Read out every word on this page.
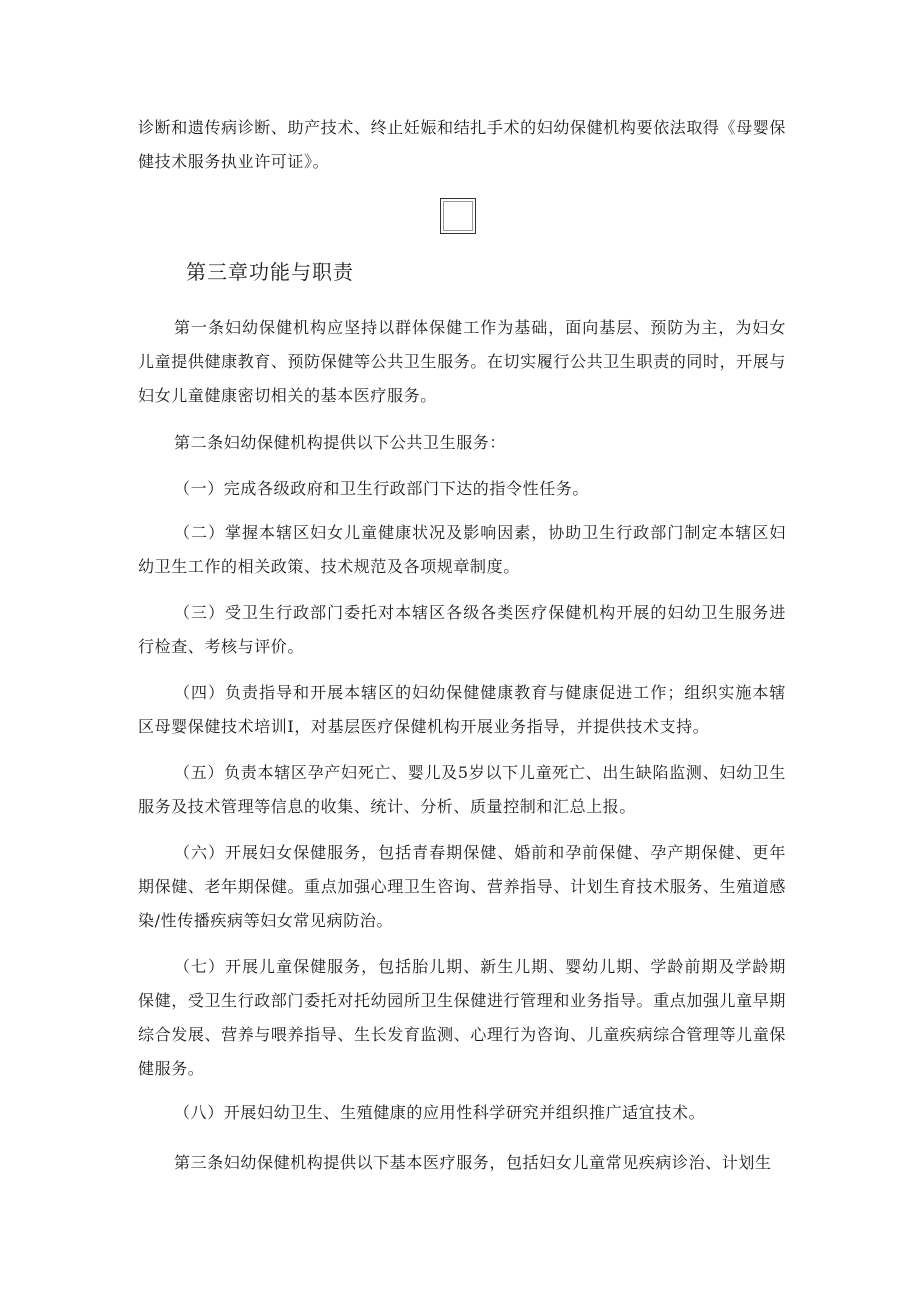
诊断和遗传病诊断、助产技术、终止妊娠和结扎手术的妇幼保健机构要依法取得《母婴保健技术服务执业许可证》。

第三章功能与职责

第一条妇幼保健机构应坚持以群体保健工作为基础，面向基层、预防为主，为妇女儿童提供健康教育、预防保健等公共卫生服务。在切实履行公共卫生职责的同时，开展与妇女儿童健康密切相关的基本医疗服务。

第二条妇幼保健机构提供以下公共卫生服务：

（一）完成各级政府和卫生行政部门下达的指令性任务。

（二）掌握本辖区妇女儿童健康状况及影响因素，协助卫生行政部门制定本辖区妇幼卫生工作的相关政策、技术规范及各项规章制度。

（三）受卫生行政部门委托对本辖区各级各类医疗保健机构开展的妇幼卫生服务进行检查、考核与评价。

（四）负责指导和开展本辖区的妇幼保健健康教育与健康促进工作；组织实施本辖区母婴保健技术培训I，对基层医疗保健机构开展业务指导，并提供技术支持。

（五）负责本辖区孕产妇死亡、婴儿及5岁以下儿童死亡、出生缺陷监测、妇幼卫生服务及技术管理等信息的收集、统计、分析、质量控制和汇总上报。

（六）开展妇女保健服务，包括青春期保健、婚前和孕前保健、孕产期保健、更年期保健、老年期保健。重点加强心理卫生咨询、营养指导、计划生育技术服务、生殖道感染/性传播疾病等妇女常见病防治。

（七）开展儿童保健服务，包括胎儿期、新生儿期、婴幼儿期、学龄前期及学龄期保健，受卫生行政部门委托对托幼园所卫生保健进行管理和业务指导。重点加强儿童早期综合发展、营养与喂养指导、生长发育监测、心理行为咨询、儿童疾病综合管理等儿童保健服务。

（八）开展妇幼卫生、生殖健康的应用性科学研究并组织推广适宜技术。

第三条妇幼保健机构提供以下基本医疗服务，包括妇女儿童常见疾病诊治、计划生
